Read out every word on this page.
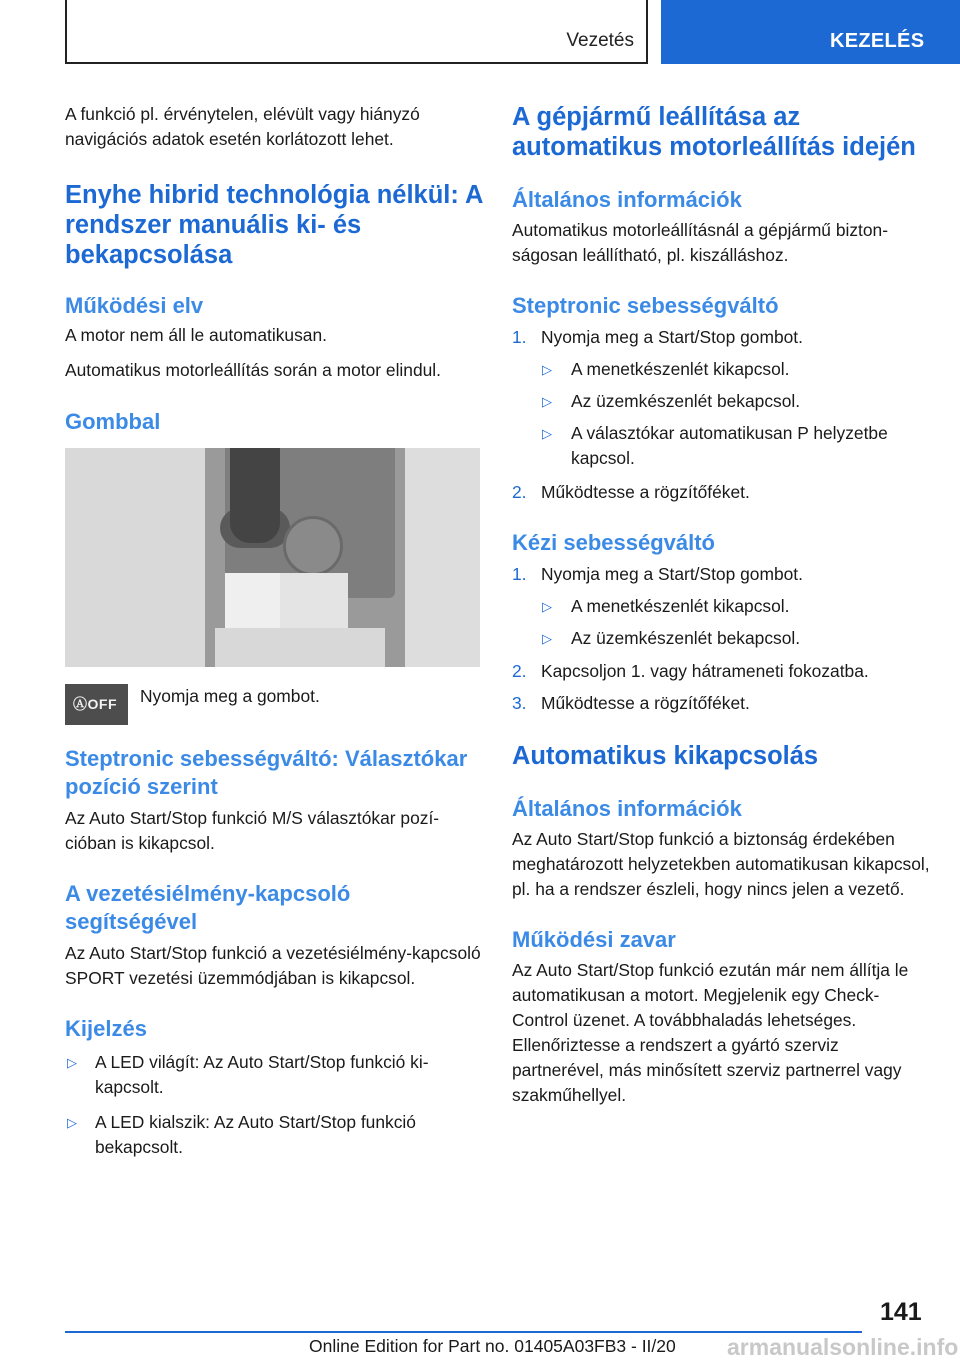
Vezetés	KEZELÉS

A funkció pl. érvénytelen, elévült vagy hiányzó navigációs adatok esetén korlátozott lehet.

Enyhe hibrid technológia nélkül: A rendszer manuális ki- és bekapcsolása
Működési elv

A motor nem áll le automatikusan.

Automatikus motorleállítás során a motor elindul.

Gombbal
ⒶOFF Nyomja meg a gombot.

Steptronic sebességváltó: Választókar pozíció szerint

Az Auto Start/Stop funkció M/S választókar pozícióban is kikapcsol.

A vezetésiélmény-kapcsoló segítségével

Az Auto Start/Stop funkció a vezetésiélmény-kapcsoló SPORT vezetési üzemmódjában is kikapcsol.

Kijelzés
▷	A LED világít: Az Auto Start/Stop funkció kikapcsolt.
▷	A LED kialszik: Az Auto Start/Stop funkció bekapcsolt.
A gépjármű leállítása az automatikus motorleállítás idején
Általános információk

Automatikus motorleállításnál a gépjármű biztonságosan leállítható, pl. kiszálláshoz.

Steptronic sebességváltó
1. Nyomja meg a Start/Stop gombot.
▷	A menetkészenlét kikapcsol.
▷	Az üzemkészenlét bekapcsol.
▷	A választókar automatikusan P helyzetbe kapcsol.
2. Működtesse a rögzítőféket.
Kézi sebességváltó
1. Nyomja meg a Start/Stop gombot.
▷	A menetkészenlét kikapcsol.
▷	Az üzemkészenlét bekapcsol.
2. Kapcsoljon 1. vagy hátrameneti fokozatba.
3. Működtesse a rögzítőféket.
Automatikus kikapcsolás
Általános információk

Az Auto Start/Stop funkció a biztonság érdekében meghatározott helyzetekben automatikusan kikapcsol, pl. ha a rendszer észleli, hogy nincs jelen a vezető.

Működési zavar

Az Auto Start/Stop funkció ezután már nem állítja le automatikusan a motort. Megjelenik egy Check-Control üzenet. A továbbhaladás lehetséges. Ellenőriztesse a rendszert a gyártó szerviz partnerével, más minősített szerviz partnerrel vagy szakműhellyel.

141
Online Edition for Part no. 01405A03FB3 - II/20 armanualsonline.info
